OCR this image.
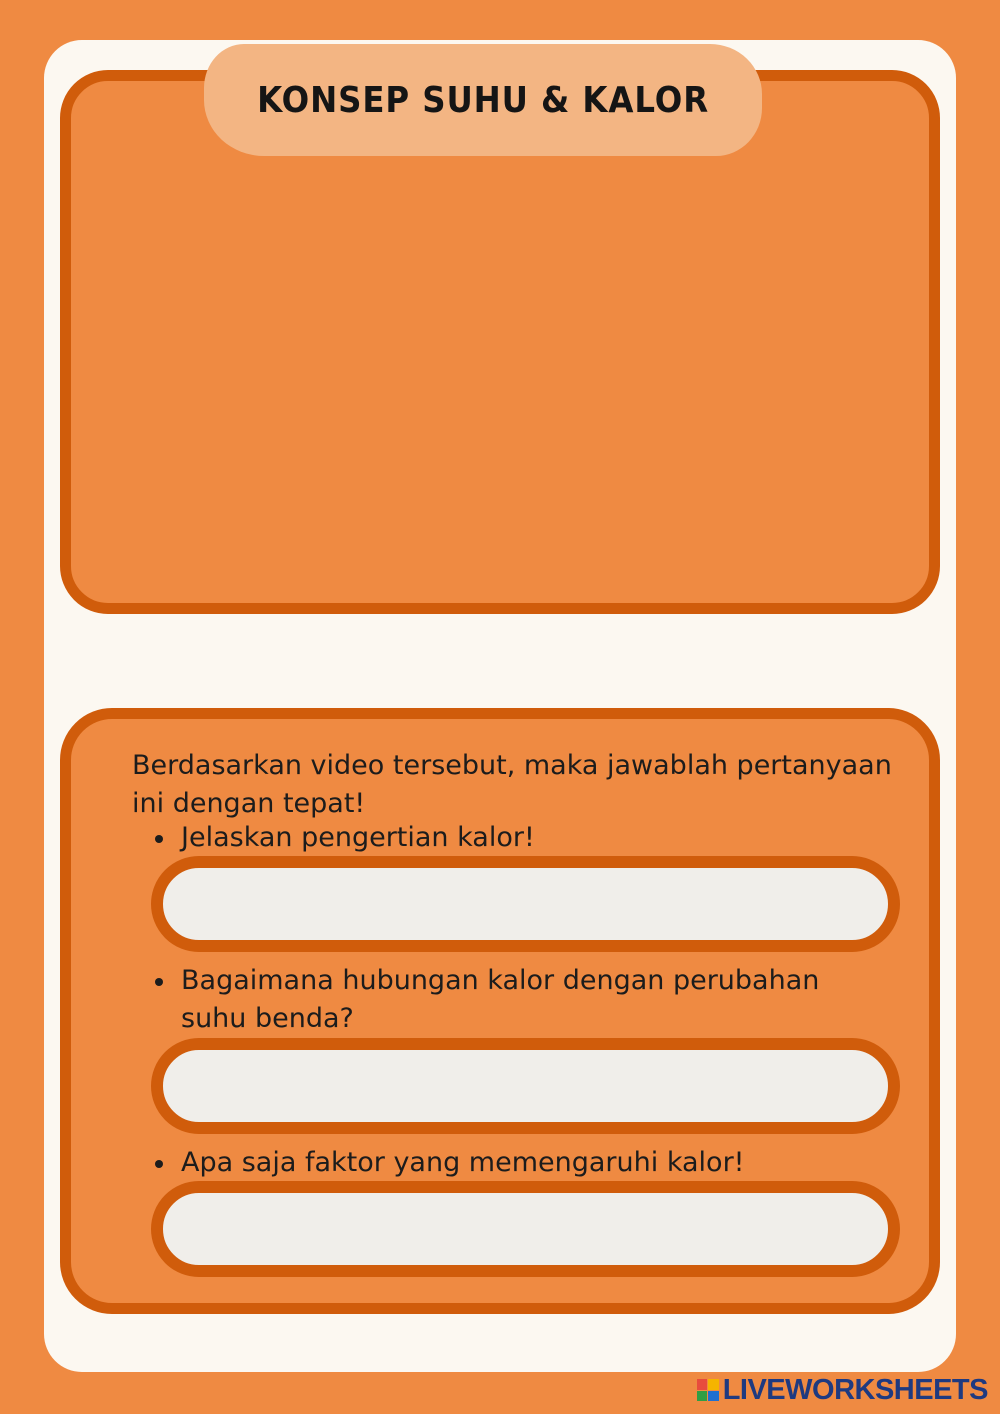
KONSEP SUHU & KALOR
Berdasarkan video tersebut, maka jawablah pertanyaan
ini dengan tepat!
Jelaskan pengertian kalor!
Bagaimana hubungan kalor dengan perubahan
suhu benda?
Apa saja faktor yang memengaruhi kalor!
LIVEWORKSHEETS
